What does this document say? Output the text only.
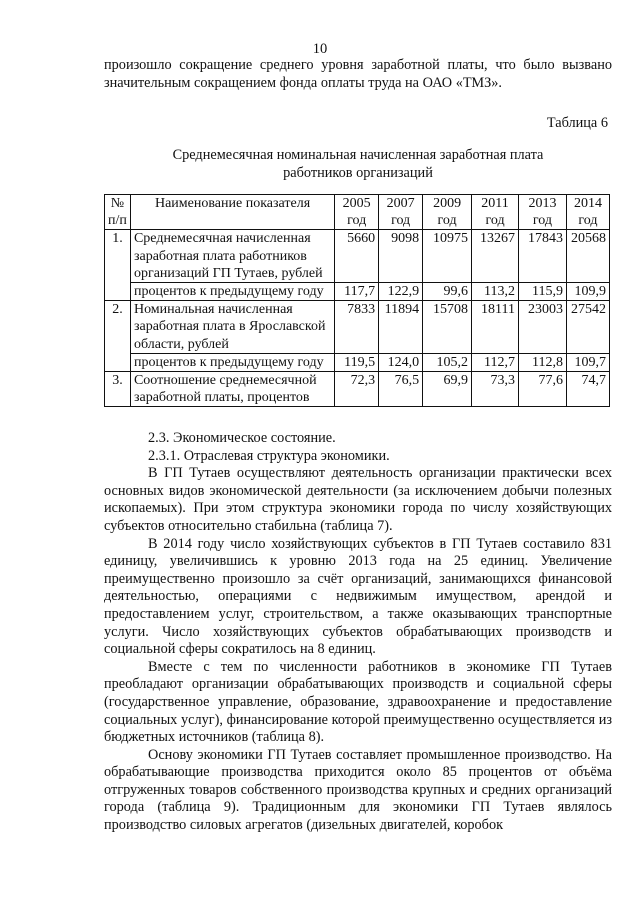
10
произошло сокращение среднего уровня заработной платы, что было вызвано значительным сокращением фонда оплаты труда на ОАО «ТМЗ».
Таблица 6
Среднемесячная номинальная начисленная заработная плата
работников организаций
№ п/п	Наименование показателя	2005 год	2007 год	2009 год	2011 год	2013 год	2014 год
1.	Среднемесячная начисленная заработная плата работников организаций ГП Тутаев, рублей	5660	9098	10975	13267	17843	20568
	процентов к предыдущему году	117,7	122,9	99,6	113,2	115,9	109,9
2.	Номинальная начисленная заработная плата в Ярославской области, рублей	7833	11894	15708	18111	23003	27542
	процентов к предыдущему году	119,5	124,0	105,2	112,7	112,8	109,7
3.	Соотношение среднемесячной заработной платы, процентов	72,3	76,5	69,9	73,3	77,6	74,7

2.3. Экономическое состояние.

2.3.1. Отраслевая структура экономики.

В ГП Тутаев осуществляют деятельность организации практически всех основных видов экономической деятельности (за исключением добычи полезных ископаемых). При этом структура экономики города по числу хозяйствующих субъектов относительно стабильна (таблица 7).

В 2014 году число хозяйствующих субъектов в ГП Тутаев составило 831 единицу, увеличившись к уровню 2013 года на 25 единиц. Увеличение преимущественно произошло за счёт организаций, занимающихся финансовой деятельностью, операциями с недвижимым имуществом, арендой и предоставлением услуг, строительством, а также оказывающих транспортные услуги. Число хозяйствующих субъектов обрабатывающих производств и социальной сферы сократилось на 8 единиц.

Вместе с тем по численности работников в экономике ГП Тутаев преобладают организации обрабатывающих производств и социальной сферы (государственное управление, образование, здравоохранение и предоставление социальных услуг), финансирование которой преимущественно осуществляется из бюджетных источников (таблица 8).

Основу экономики ГП Тутаев составляет промышленное производство. На обрабатывающие производства приходится около 85 процентов от объёма отгруженных товаров собственного производства крупных и средних организаций города (таблица 9). Традиционным для экономики ГП Тутаев являлось производство силовых агрегатов (дизельных двигателей, коробок
